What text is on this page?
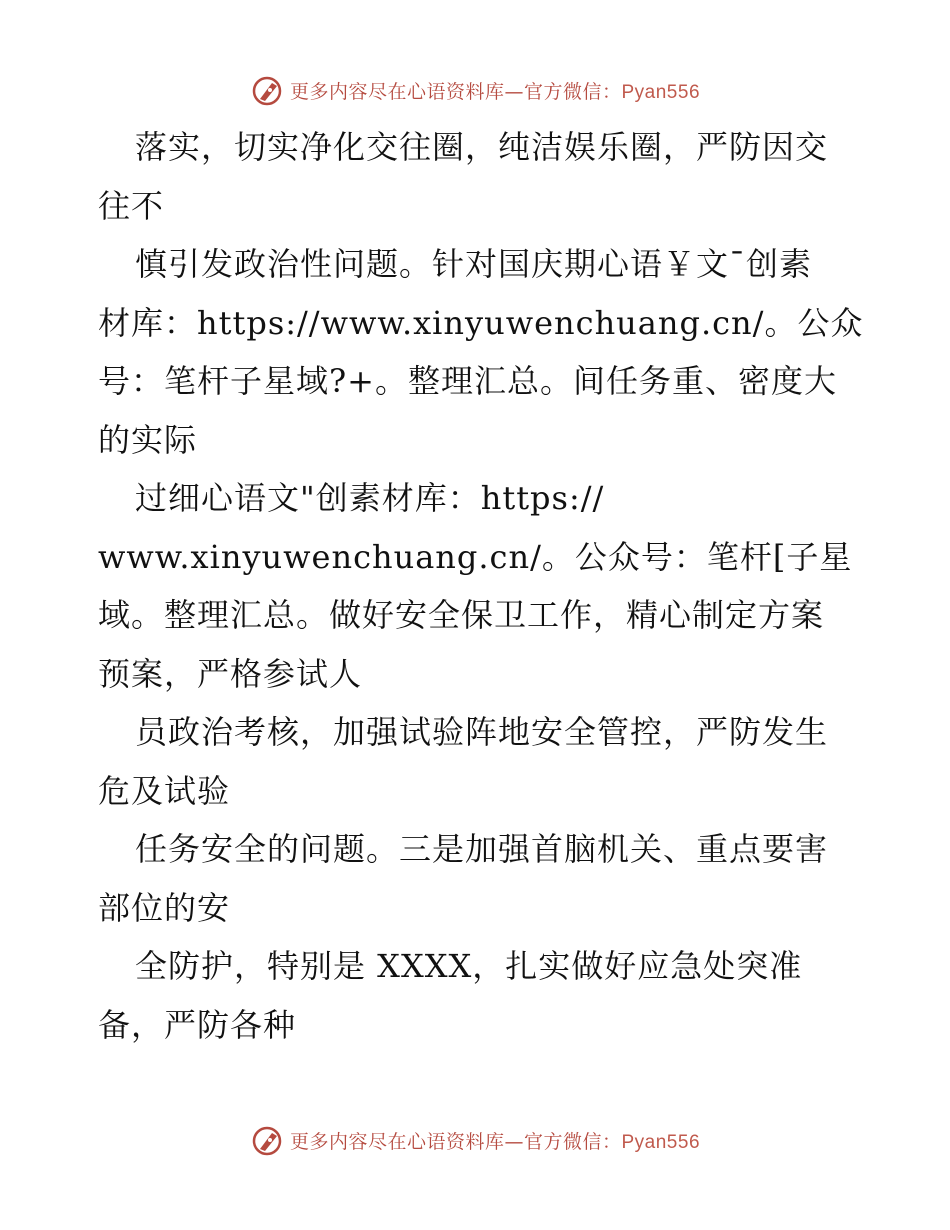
更多内容尽在心语资料库—官方微信：Pyan556
落实，切实净化交往圈，纯洁娱乐圈，严防因交
往不
慎引发政治性问题。针对国庆期心语￥文¯创素
材库：https://www.xinyuwenchuang.cn/。公众
号：笔杆子星域?+。整理汇总。间任务重、密度大
的实际
过细心语文"创素材库：https://
www.xinyuwenchuang.cn/。公众号：笔杆[子星
域。整理汇总。做好安全保卫工作，精心制定方案
预案，严格参试人
员政治考核，加强试验阵地安全管控，严防发生
危及试验
任务安全的问题。三是加强首脑机关、重点要害
部位的安
全防护，特别是 XXXX，扎实做好应急处突准
备，严防各种
更多内容尽在心语资料库—官方微信：Pyan556
